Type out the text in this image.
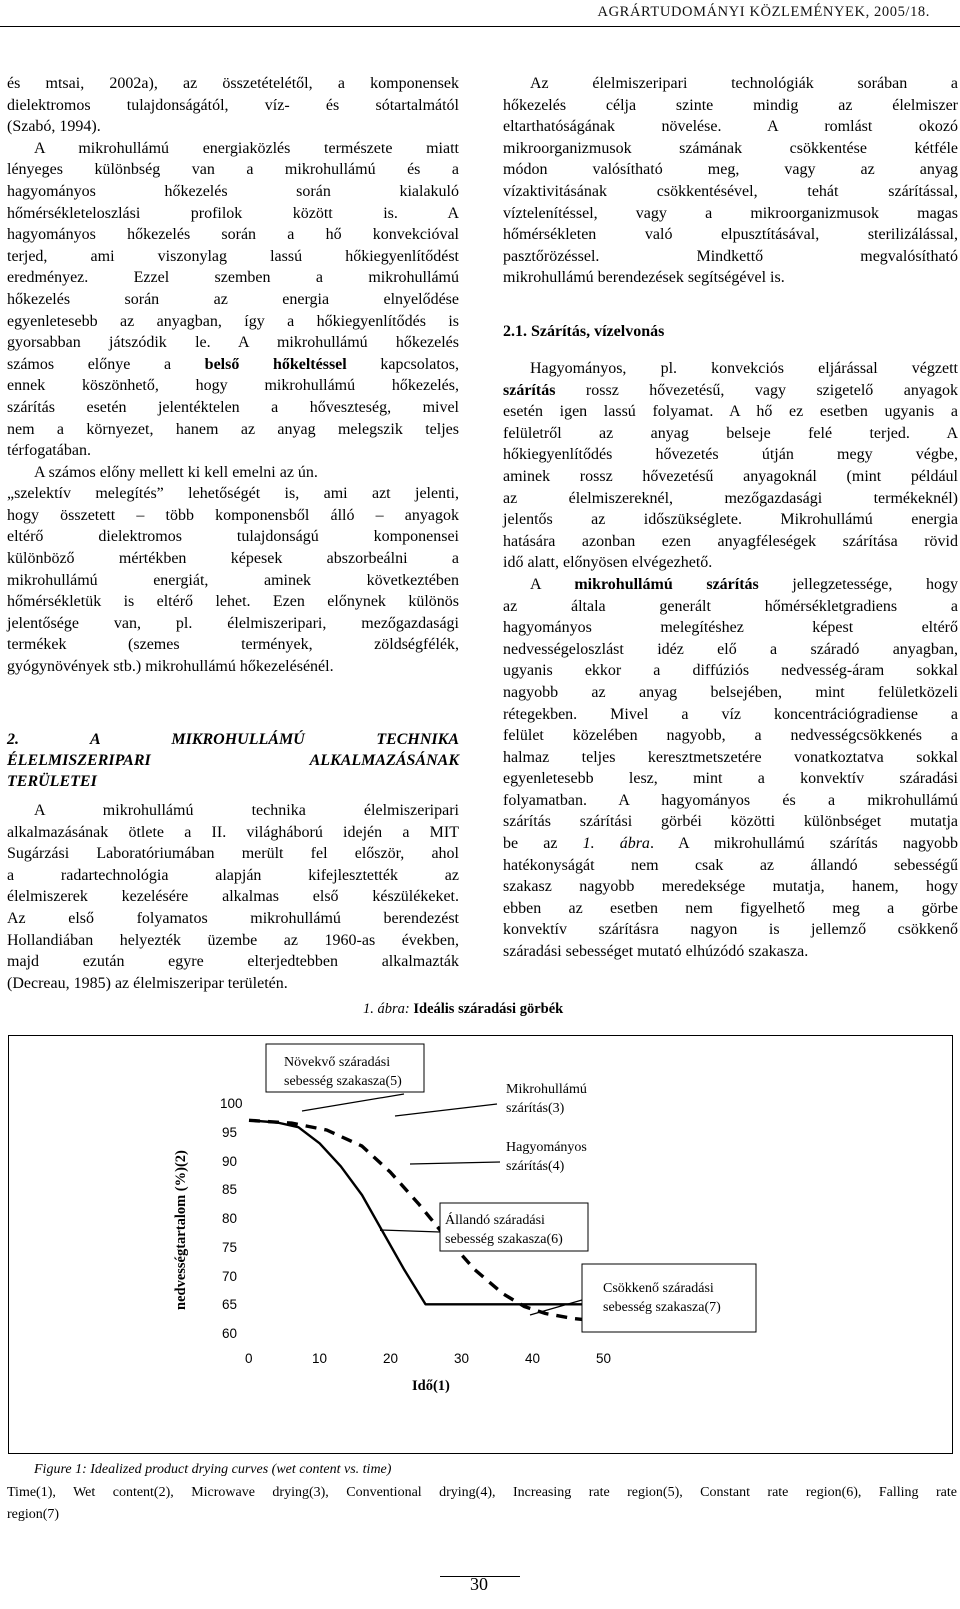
AGRÁRTUDOMÁNYI KÖZLEMÉNYEK, 2005/18.

és mtsai, 2002a), az összetételétől, a komponensek
dielektromos tulajdonságától, víz- és sótartalmától
(Szabó, 1994).

A mikrohullámú energiaközlés természete miatt
lényeges különbség van a mikrohullámú és a
hagyományos hőkezelés során kialakuló
hőmérsékleteloszlási profilok között is. A
hagyományos hőkezelés során a hő konvekcióval
terjed, ami viszonylag lassú hőkiegyenlítődést
eredményez. Ezzel szemben a mikrohullámú
hőkezelés során az energia elnyelődése
egyenletesebb az anyagban, így a hőkiegyenlítődés is
gyorsabban játszódik le. A mikrohullámú hőkezelés
számos előnye a belső hőkeltéssel kapcsolatos,
ennek köszönhető, hogy mikrohullámú hőkezelés,
szárítás esetén jelentéktelen a hőveszteség, mivel
nem a környezet, hanem az anyag melegszik teljes
térfogatában.

A számos előny mellett ki kell emelni az ún.
„szelektív melegítés” lehetőségét is, ami azt jelenti,
hogy összetett – több komponensből álló – anyagok
eltérő dielektromos tulajdonságú komponensei
különböző mértékben képesek abszorbeálni a
mikrohullámú energiát, aminek következtében
hőmérsékletük is eltérő lehet. Ezen előnynek különös
jelentősége van, pl. élelmiszeripari, mezőgazdasági
termékek (szemes termények, zöldségfélék,
gyógynövények stb.) mikrohullámú hőkezelésénél.

2. A MIKROHULLÁMÚ TECHNIKA
ÉLELMISZERIPARI ALKALMAZÁSÁNAK
TERÜLETEI

A mikrohullámú technika élelmiszeripari
alkalmazásának ötlete a II. világháború idején a MIT
Sugárzási Laboratóriumában merült fel először, ahol
a radartechnológia alapján kifejlesztették az
élelmiszerek kezelésére alkalmas első készülékeket.
Az első folyamatos mikrohullámú berendezést
Hollandiában helyezték üzembe az 1960-as években,
majd ezután egyre elterjedtebben alkalmazták
(Decreau, 1985) az élelmiszeripar területén.

Az élelmiszeripari technológiák sorában a
hőkezelés célja szinte mindig az élelmiszer
eltarthatóságának növelése. A romlást okozó
mikroorganizmusok számának csökkentése kétféle
módon valósítható meg, vagy az anyag
vízaktivitásának csökkentésével, tehát szárítással,
víztelenítéssel, vagy a mikroorganizmusok magas
hőmérsékleten való elpusztításával, sterilizálással,
pasztőrözéssel. Mindkettő megvalósítható
mikrohullámú berendezések segítségével is.

2.1. Szárítás, vízelvonás

Hagyományos, pl. konvekciós eljárással végzett
szárítás rossz hővezetésű, vagy szigetelő anyagok
esetén igen lassú folyamat. A hő ez esetben ugyanis a
felületről az anyag belseje felé terjed. A
hőkiegyenlítődés hővezetés útján megy végbe,
aminek rossz hővezetésű anyagoknál (mint például
az élelmiszereknél, mezőgazdasági termékeknél)
jelentős az időszükséglete. Mikrohullámú energia
hatására azonban ezen anyagféleségek szárítása rövid
idő alatt, előnyösen elvégezhető.

A mikrohullámú szárítás jellegzetessége, hogy
az általa generált hőmérsékletgradiens a
hagyományos melegítéshez képest eltérő
nedvességeloszlást idéz elő a száradó anyagban,
ugyanis ekkor a diffúziós nedvesség-áram sokkal
nagyobb az anyag belsejében, mint felületközeli
rétegekben. Mivel a víz koncentrációgradiense a
felület közelében nagyobb, a nedvességcsökkenés a
halmaz teljes keresztmetszetére vonatkoztatva sokkal
egyenletesebb lesz, mint a konvektív száradási
folyamatban. A hagyományos és a mikrohullámú
szárítás szárítási görbéi közötti különbséget mutatja
be az 1. ábra. A mikrohullámú szárítás nagyobb
hatékonyságát nem csak az állandó sebességű
szakasz nagyobb meredeksége mutatja, hanem, hogy
ebben az esetben nem figyelhető meg a görbe
konvektív szárításra nagyon is jellemző csökkenő
száradási sebességet mutató elhúzódó szakasza.

1. ábra: Ideális száradási görbék
nedvességtartalom (%)(2)
Idő(1)
100
95
90
85
80
75
70
65
60
0	10	20	30	40	50
Növekvő száradási
sebesség szakasza(5)
Mikrohullámú
szárítás(3)
Hagyományos
szárítás(4)
Állandó száradási
sebesség szakasza(6)
Csökkenő száradási
sebesség szakasza(7)
Figure 1: Idealized product drying curves (wet content vs. time)
Time(1), Wet content(2), Microwave drying(3), Conventional drying(4), Increasing rate region(5), Constant rate region(6), Falling rate
region(7)
30
